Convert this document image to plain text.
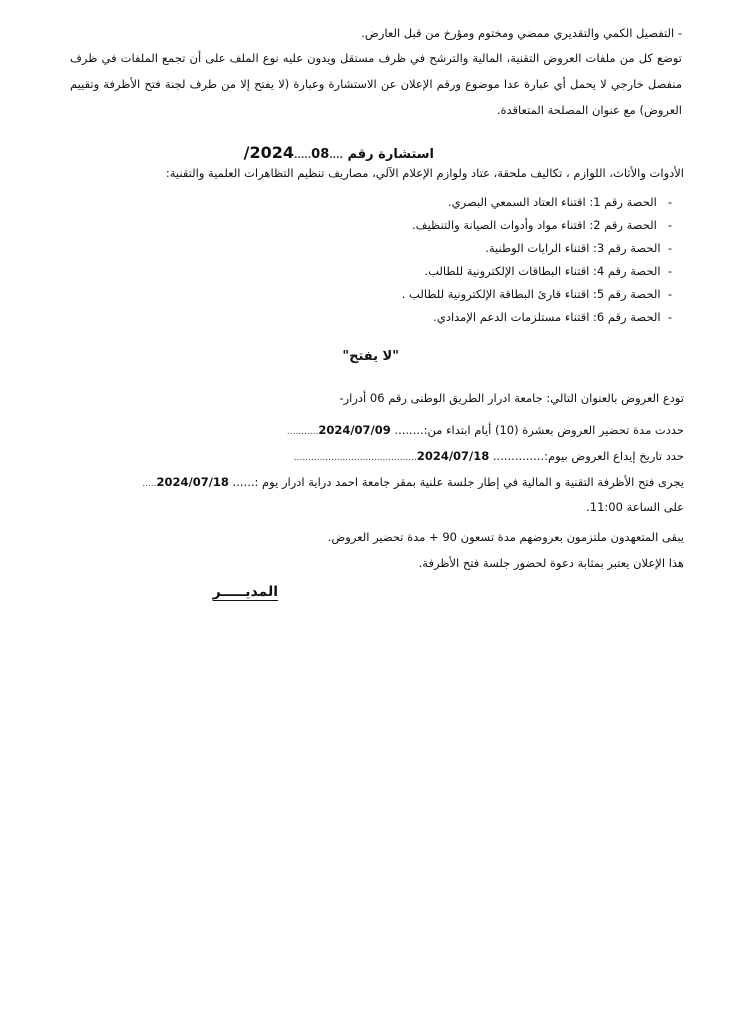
- التفصيل الكمي والتقديري ممضي ومختوم ومؤرخ من قبل العارض.
توضع كل من ملفات العروض التقنية، المالية والترشح في ظرف مستقل ويدون عليه نوع الملف على أن تجمع الملفات في ظرف منفصل خارجي لا يحمل أي عبارة عدا موضوع ورقم الإعلان عن الاستشارة وعبارة (لا يفتح إلا من طرف لجنة فتح الأظرفة وتقييم العروض) مع عنوان المصلحة المتعاقدة.
استشارة رقم ....08.....2024/
الأدوات والأثاث، اللوازم ، تكاليف ملحقة، عتاد ولوازم الإعلام الآلي، مصاريف تنظيم التظاهرات العلمية والتقنية:
-   الحصة رقم 1: اقتناء العتاد السمعي البصري.
-   الحصة رقم 2: اقتناء مواد وأدوات الصيانة والتنظيف.
-  الحصة رقم 3: اقتناء الرايات الوطنية.
-  الحصة رقم 4: اقتناء البطاقات الإلكترونية للطالب.
-  الحصة رقم 5: اقتناء قارئ البطاقة الإلكترونية للطالب .
-  الحصة رقم 6: اقتناء مستلزمات الدعم الإمدادي.
"لا يفتح"
تودع العروض بالعنوان التالي: جامعة ادرار الطريق الوطنى رقم 06 أدرار-
حددت مدة تحضير العروض بعشرة (10) أيام ابتداء من:........ 2024/07/09...........
حدد تاريخ إيداع العروض بيوم:.............. 2024/07/18...........................................
يجرى فتح الأظرفة التقنية و المالية في إطار جلسة علنية بمقر جامعة احمد دراية ادرار يوم :...... 2024/07/18.....
على الساعة 11:00.
يبقى المتعهدون ملتزمون بعروضهم مدة تسعون 90 + مدة تحضير العروض.
هذا الإعلان يعتبر بمثابة دعوة لحضور جلسة فتح الأظرفة.
المديـــــر
